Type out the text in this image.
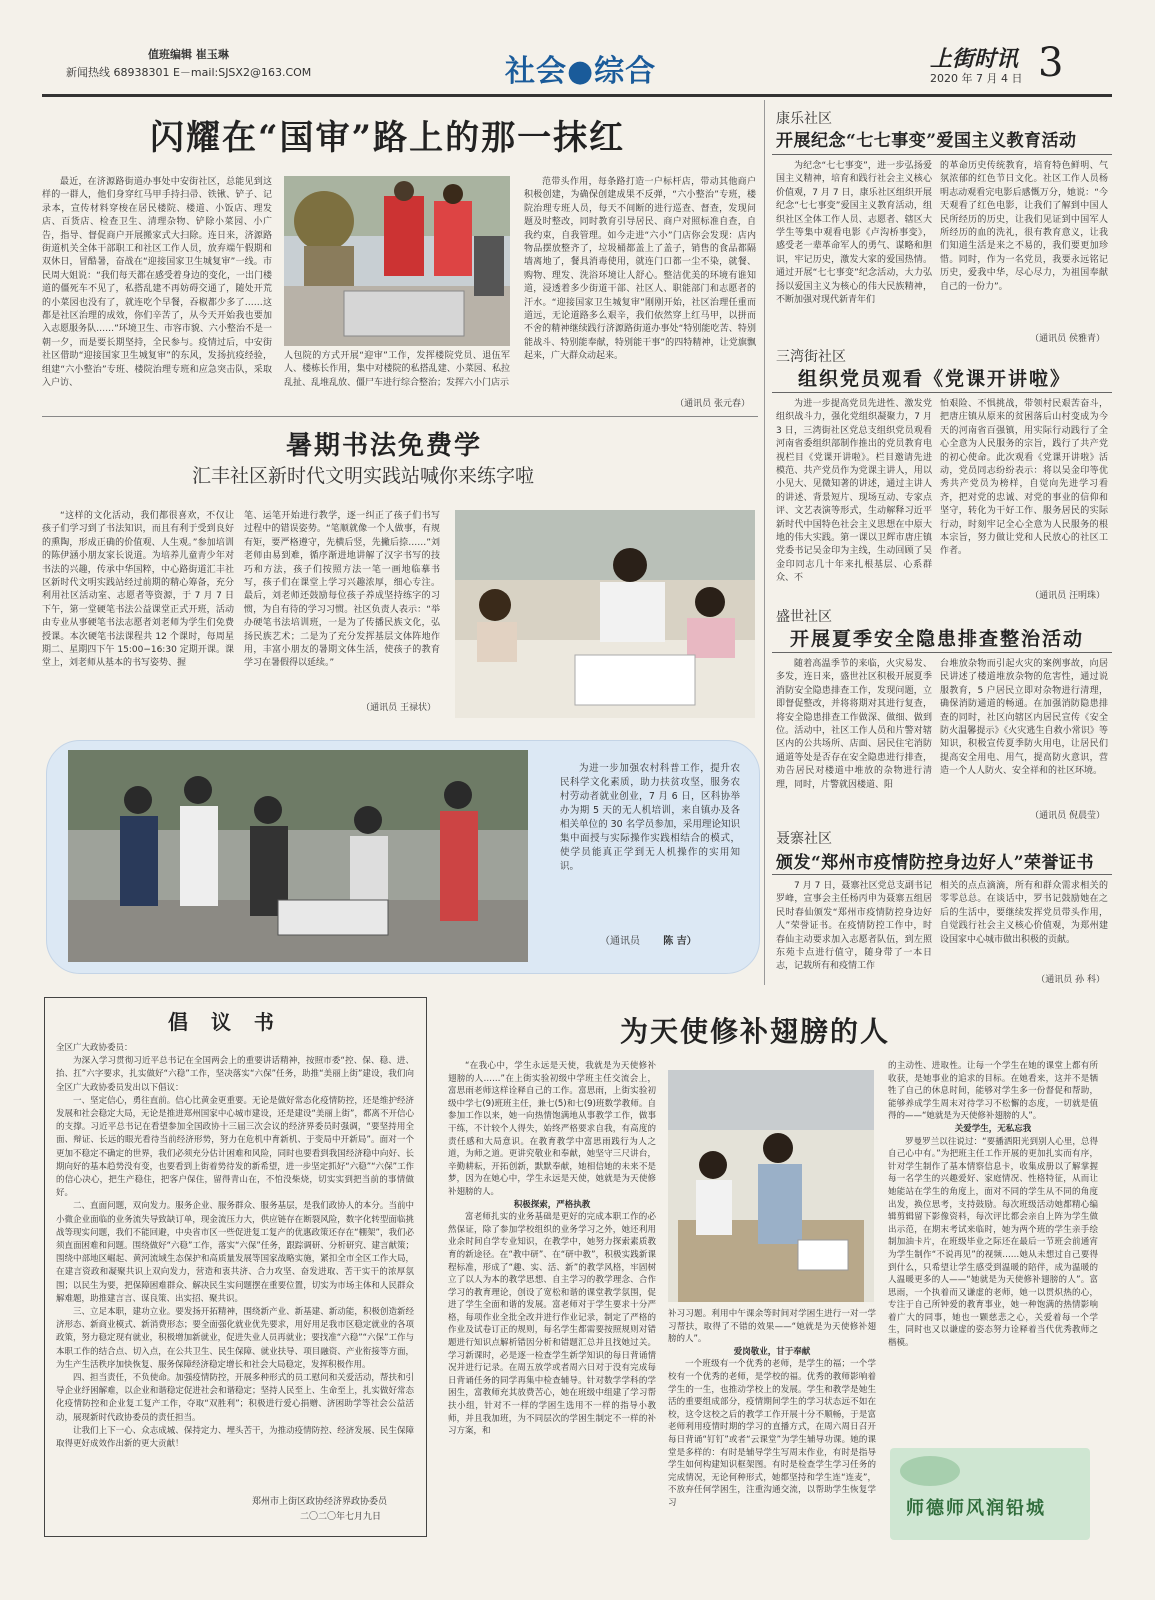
值班编辑 崔玉琳
新闻热线 68938301 E－mail:SJSX2@163.COM	社会●综合	上街时讯
2020 年 7 月 4 日 3
闪耀在“国审”路上的那一抹红

最近，在济源路街道办事处中安街社区，总能见到这样的一群人，他们身穿红马甲手持扫帚、铁锹、铲子、记录本，宣传材料穿梭在居民楼院、楼道、小饭店、理发店、百货店、检查卫生、清理杂物、铲除小菜园、小广告，指导、督促商户开展搬家式大扫除。连日来，济源路街道机关全体干部职工和社区工作人员，放弃端午假期和双休日，冒酷暑，奋战在“迎接国家卫生城复审”一线。市民周大姐说：“我们每天都在感受着身边的变化，一出门楼道的僵死车不见了，私搭乱建不再妨碍交通了，随处开荒的小菜园也没有了，就连吃个早餐，吞椒都少多了……这都是社区治理的成效，你们辛苦了，从今天开始我也要加入志愿服务队……”环境卫生、市容市貌、六小整治不是一朝一夕，而是要长期坚持，全民参与。疫情过后，中安街社区借助“迎接国家卫生城复审”的东风，发扬抗疫经验，组建“六小整治”专班、楼院治理专班和应急突击队，采取入户访、

人包院的方式开展“迎审”工作，发挥楼院党员、退伍军人、楼栋长作用，集中对楼院的私搭乱建、小菜园、私拉乱扯、乱堆乱放、僵尸车进行综合整治；发挥六小门店示

范带头作用，每条路打造一户标杆店，带动其他商户积极创建，为确保创建成果不反弹，“六小整治”专班，楼院治理专班人员，每天不间断的进行巡查、督查，发现问题及时整改，同时教育引导居民、商户对照标准自查，自我约束，自我管理。如今走进“六小”门店你会发现：店内物品摆放整齐了，垃圾桶都盖上了盖子，销售的食品都隔墙离地了，餐具消毒使用，就连门口都一尘不染，就餐、购物、理发、洗浴环境让人舒心。整洁优美的环境有谁知道，浸透着多少街道干部、社区人、职能部门和志愿者的汗水。“迎接国家卫生城复审”刚刚开始，社区治理任重而道远，无论道路多么艰辛，我们依然穿上红马甲，以拼而不舍的精神继续践行济源路街道办事处“特别能吃苦、特别能战斗、特别能奉献，特别能干事”的四特精神，让党旗飘起来，广大群众动起来。

（通讯员 张元春）
康乐社区
开展纪念“七七事变”爱国主义教育活动

为纪念“七七事变”，进一步弘扬爱国主义精神，培育和践行社会主义核心价值观，7 月 7 日，康乐社区组织开展纪念“七七事变”爱国主义教育活动，组织社区全体工作人员、志愿者、辖区大学生等集中观看电影《卢沟桥事变》，感受老一辈革命军人的勇气、谋略和胆识，牢记历史，激发大家的爱国热情。通过开展“七七事变”纪念活动，大力弘扬以爱国主义为核心的伟大民族精神，不断加强对现代新青年们

的革命历史传统教育，培育特色鲜明、气氛浓郁的红色节日文化。社区工作人员杨明志动观看完电影后感慨万分，她说：“今天观看了红色电影，让我们了解到中国人民所经历的历史，让我们见证到中国军人所经历的血的洗礼，很有教育意义，让我们知道生活是来之不易的，我们要更加珍惜。同时，作为一名党员，我要永远铭记历史，爱我中华，尽心尽力，为祖国奉献自己的一份力”。

（通讯员 侯雅青）
三湾街社区
组织党员观看《党课开讲啦》

为进一步提高党员先进性、激发党组织战斗力，强化党组织凝聚力，7 月 3 日，三湾街社区党总支组织党员观看河南省委组织部制作推出的党员教育电视栏目《党课开讲啦》。栏目邀请先进模范、共产党员作为党课主讲人，用以小见大、见微知著的讲述，通过主讲人的讲述、背景短片、现场互动、专家点评、文艺表演等形式，生动解释习近平新时代中国特色社会主义思想在中原大地的伟大实践。第一课以卫辉市唐庄镇党委书记吴金印为主线，生动回顾了吴金印同志几十年来扎根基层、心系群众、不

怕艰险、不惧挑战，带领村民艰苦奋斗，把唐庄镇从原来的贫困落后山村变成为今天的河南省百强镇，用实际行动践行了全心全意为人民服务的宗旨，践行了共产党的初心使命。此次观看《党课开讲啦》活动，党员同志纷纷表示：将以吴金印等优秀共产党员为榜样，自觉向先进学习看齐，把对党的忠诚、对党的事业的信仰和坚守，转化为干好工作、服务居民的实际行动，时刻牢记全心全意为人民服务的根本宗旨，努力做让党和人民放心的社区工作者。

（通讯员 汪明珠）
盛世社区
开展夏季安全隐患排查整治活动

随着高温季节的来临，火灾易发、多发，连日来，盛世社区积极开展夏季消防安全隐患排查工作，发现问题，立即督促整改，并将将期对其进行复查，将安全隐患排查工作做深、做细、做到位。活动中，社区工作人员和片警对辖区内的公共场所、店面、居民住宅消防通道等处是否存在安全隐患进行排查，劝告居民对楼道中堆放的杂物进行清理，同时，片警就因楼道、阳

台堆放杂物而引起火灾的案例事故，向居民讲述了楼道堆放杂物的危害性，通过说服教育，5 户居民立即对杂物进行清理，确保消防通道的畅通。在加强消防隐患排查的同时，社区向辖区内居民宣传《安全防火温馨提示》《火灾逃生自救小常识》等知识，积极宣传夏季防火用电，让居民们提高安全用电、用气，提高防火意识，营造一个人人防火、安全祥和的社区环境。

（通讯员 倪晨莹）
聂寨社区
颁发“郑州市疫情防控身边好人”荣誉证书

7 月 7 日，聂寨社区党总支副书记罗峰，宣事会主任杨丙申为聂寨五组居民时春仙颁发“郑州市疫情防控身边好人”荣誉证书。在疫情防控工作中，时春仙主动要求加入志愿者队伍，到左照东苑卡点进行值守，随身带了一本日志，记载所有和疫情工作

相关的点点滴滴，所有和群众需求相关的零零总总。在谈话中，罗书记鼓励她在之后的生活中，要继续发挥党员带头作用，自觉践行社会主义核心价值观，为郑州建设国家中心城市做出积极的贡献。

（通讯员 孙 科）
暑期书法免费学
汇丰社区新时代文明实践站喊你来练字啦

“这样的文化活动，我们都很喜欢，不仅让孩子们学习到了书法知识，而且有利于受到良好的熏陶，形成正确的价值观、人生观。”参加培训的陈伊涵小朋友家长说道。为培养儿童青少年对书法的兴趣，传承中华国粹，中心路街道汇丰社区新时代文明实践站经过前期的精心筹备，充分利用社区活动室、志愿者等资源，于 7 月 7 日下午，第一堂硬笔书法公益课堂正式开班，活动由专业从事硬笔书法志愿者刘老师为学生们免费授课。本次硬笔书法课程共 12 个课时，每周星期二、星期四下午 15:00−16:30 定期开课。课堂上，刘老师从基本的书写姿势、握

笔、运笔开始进行教学，逐一纠正了孩子们书写过程中的错误姿势。“笔顺就像一个人做事，有规有矩，要严格遵守，先横后竖，先撇后捺……”刘老师由易到难，循序渐进地讲解了汉字书写的技巧和方法，孩子们按照方法一笔一画地临摹书写，孩子们在课堂上学习兴趣浓厚，细心专注。最后，刘老师还鼓励每位孩子养成坚持练字的习惯，为自有待的学习习惯。社区负责人表示：“举办硬笔书法培训班，一是为了传播民族文化，弘扬民族艺术；二是为了充分发挥基层文体阵地作用，丰富小朋友的暑期文体生活，使孩子的教育学习在暑假得以延续。”

（通讯员 王禄状）

为进一步加强农村科普工作，提升农民科学文化素质，助力扶贫攻坚，服务农村劳动者就业创业，7 月 6 日，区科协举办为期 5 天的无人机培训，来自镇办及各相关单位的 30 名学员参加，采用理论知识集中面授与实际操作实践相结合的模式，使学员能真正学到无人机操作的实用知识。

（通讯员 陈 吉）
倡 议 书
全区广大政协委员：

为深入学习贯彻习近平总书记在全国两会上的重要讲话精神，按照市委“控、保、稳、进、抬、扛”六字要求，扎实做好“六稳”工作，坚决落实“六保”任务，助推“美丽上街”建设，我们向全区广大政协委员发出以下倡议：

一、坚定信心，勇往直前。信心比黄金更重要。无论是做好常态化疫情防控，还是维护经济发展和社会稳定大局，无论是推进郑州国家中心城市建设，还是建设“美丽上街”，都离不开信心的支撑。习近平总书记在看望参加全国政协十三届三次会议的经济界委员时强调，“要坚持用全面、辩证、长远的眼光看待当前经济形势，努力在危机中育新机、于变局中开新局”。面对一个更加不稳定不确定的世界，我们必须充分估计困难和风险，同时也要看到我国经济稳中向好、长期向好的基本趋势没有变，也要看到上街着势待发的新希望，进一步坚定抓好“六稳”“六保”工作的信心决心，把生产稳住，把客户保住，留得青山在，不怕没柴烧，切实实到把当前的事情做好。

二、直面问题，双向发力。服务企业、服务群众、服务基层，是我们政协人的本分。当前中小微企业面临的业务流失导致缺订单，现金流压力大，供应链存在断裂风险，数字化转型面临挑战等现实问题，我们不能回避，中央省市区一些促进复工复产的优惠政策还存在“棚架”，我们必须直面困难和问题。围绕做好“六稳”工作，落实“六保”任务，跟踪调研、分析研究、建言献策；围绕中部地区崛起、黄河流域生态保护和高质量发展等国家战略实施，紧扣全市全区工作大局，在建言资政和凝聚共识上双向发力，营造和衷共济、合力攻坚、奋发进取、苦干实干的浓厚氛围；以民生为要，把保障困难群众、解决民生实问题摆在重要位置，切实为市场主体和人民群众解难题，助推建言言、谋良策、出实招、聚共识。

三、立足本职，建功立业。要发扬开拓精神，围绕新产业、新基建、新动能，积极创造新经济形态、新商业模式、新消费形态；要全面强化就业优先要求，用好用足我市区稳定就业的各项政策，努力稳定现有就业，积极增加新就业，促进失业人员再就业；要找准“六稳”“六保”工作与本职工作的结合点、切入点，在公共卫生、民生保障、就业扶导、项目融资、产业衔接等方面，为生产生活秩序加快恢复、服务保障经济稳定增长和社会大局稳定，发挥积极作用。

四、担当责任，不负使命。加强疫情防控，开展多种形式的员工慰问和关爱活动，帮扶和引导企业纾困解难，以企业和谐稳定促进社会和谐稳定；坚持人民至上、生命至上，扎实做好常态化疫情防控和企业复工复产工作，夺取“双胜利”；积极进行爱心捐赠、济困助学等社会公益活动，展现新时代政协委员的责任担当。

让我们上下一心、众志成城、保持定力、埋头苦干，为推动疫情防控、经济发展、民生保障取得更好成效作出新的更大贡献！

郑州市上街区政协经济界政协委员
二〇二〇年七月九日
为天使修补翅膀的人

“在我心中，学生永远是天使，我就是为天使修补翅膀的人……”在上街实验初级中学班主任交流会上，富思雨老师这样诠释自己的工作。富思雨，上街实验初级中学七(9)班班主任，兼七(5)和七(9)班数学教师。自参加工作以来，她一向热情饱满地从事教学工作，做事干练，不计较个人得失，始终严格要求自我，有高度的责任感和大局意识。在教育教学中富思雨践行为人之道，为师之道。更讲究敬业和奉献，她坚守三尺讲台，辛勤耕耘，开拓创新，默默奉献，她相信她的未来不是梦，因为在她心中，学生永远是天使，她就是为天使修补翅膀的人。

积极探索，严格执教

富老师扎实的业务基础是更好的完成本职工作的必然保证，除了参加学校组织的业务学习之外，她还利用业余时间自学专业知识，在教学中，她努力探索素质教育的新途径。在“教中研”、在“研中教”，积极实践新课程标准，形成了“趣、实、活、新”的教学风格，牢固树立了以人为本的教学思想、自主学习的教学理念、合作学习的教育理论，创设了宽松和谐的课堂教学氛围，促进了学生全面和谐的发展。富老师对于学生要求十分严格，每项作业全批全改并进行作业记录，制定了严格的作业及试卷订正的规则，每名学生都需要按照规则对错题进行知识点解析错因分析和错题汇总并且找她过关。学习新课时，必是逐一检查学生新学知识的每日背诵情况并进行记录。在周五放学或者周六日对于没有完成每日背诵任务的同学再集中检查辅导。针对数学学科的学困生，富教师充其放费苦心，她在班级中组建了学习帮扶小组，针对不一样的学困生选用不一样的指导小教师，并且我加班，为不同层次的学困生制定不一样的补习方案，和

补习习题。利用中午课余等时间对学困生进行一对一学习帮扶，取得了不错的效果——“她就是为天使修补翅膀的人”。

爱岗敬业，甘于奉献

一个班级有一个优秀的老师，是学生的福；一个学校有一个优秀的老师，是学校的福。优秀的教师影响着学生的一生，也推动学校上的发展。学生和教学是她生活的重要组成部分，疫情期间学生的学习状态远不如在校，这令这校之后的教学工作开展十分不顺畅，于是富老师利用疫情时期的学习的直播方式，在周六周日召开每日背诵“钉钉”或者“云课堂”为学生辅导功课。她的课堂是多样的：有时是辅导学生写周末作业，有时是指导学生如何构建知识框架图。有时是检查学生学习任务的完成情况，无论何种形式，她都坚持和学生连“连麦”，不放弃任何学困生，注重沟通交流，以帮助学生恢复学习

的主动性、进取性。让每一个学生在她的课堂上都有所收获，是她事业的追求的目标。在她看来，这并不是牺牲了自己的休息时间，能够对学生多一份督促和帮助，能够养成学生周末对待学习不松懈的态度，一切就是值得的——“她就是为天使修补翅膀的人”。

关爱学生，无私忘我

罗曼罗兰以往说过：“要播洒阳光到别人心里，总得自己心中有。”为把班主任工作开展的更加扎实而有序，针对学生制作了基本情察信息卡，收集成册以了解掌握每一名学生的兴趣爱好、家庭情况、性格特征，从而让她能站在学生的角度上，面对不同的学生从不同的角度出发，换位思考，支持鼓励。每次班级活动她都精心编辑剪辑留下影像资料，每次评比都会亲自上阵为学生做出示范，在期末考试来临时，她为两个班的学生亲手绘制加油卡片，在班级毕业之际还在最后一节班会前通宵为学生制作“不说再见”的视频……她从未想过自己要得到什么，只希望让学生感受到温暖的陪伴，成为温暖的人温暖更多的人——“她就是为天使修补翅膀的人”。富思雨，一个执着而又谦虚的老师，她一以贯炽热的心，专注于自己所钟爱的教育事业，她一种饱满的热情影响着广大的同事，她也一颗慈悲之心，关爱着每一个学生，同时也又以谦虚的姿态努力诠释着当代优秀教师之楷模。

师德师风润铅城
